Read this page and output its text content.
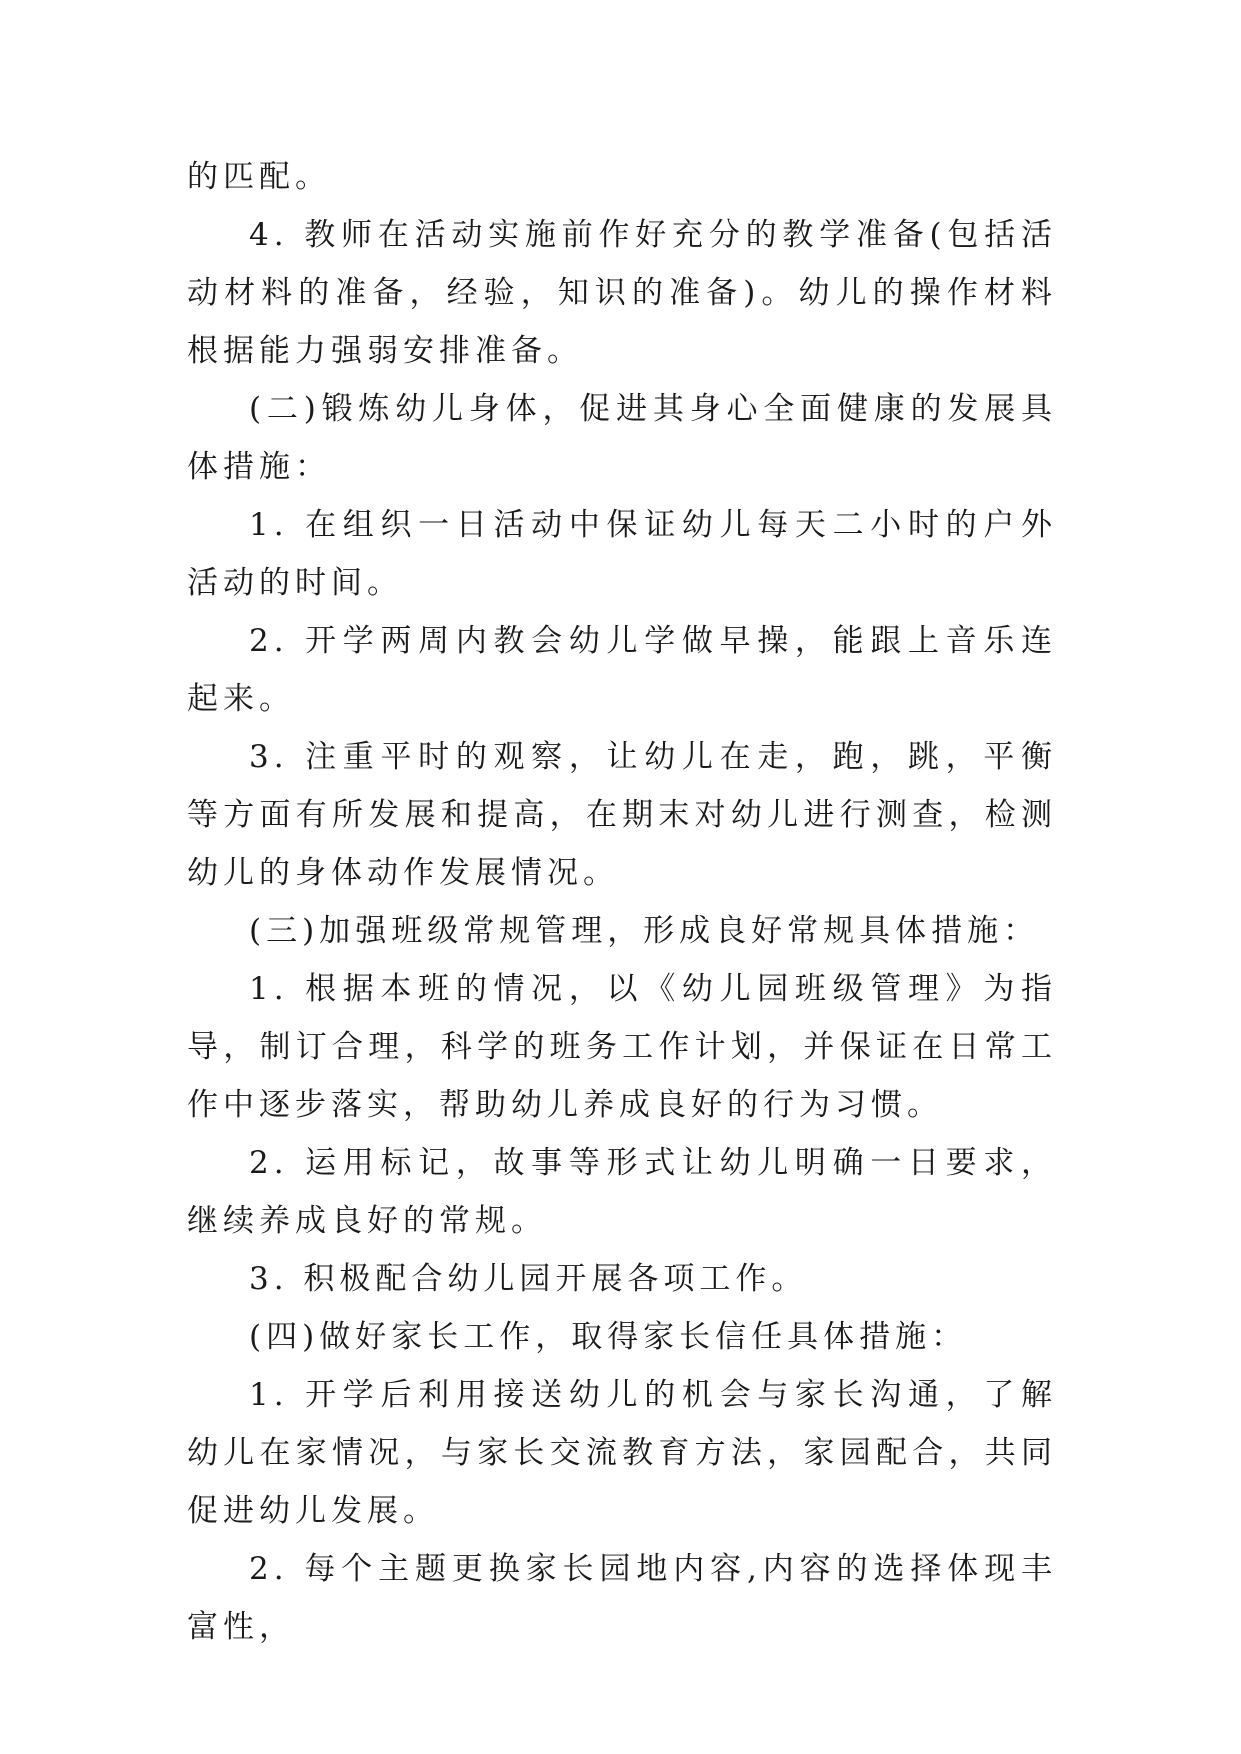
的匹配。

4. 教师在活动实施前作好充分的教学准备(包括活动材料的准备，经验，知识的准备)。幼儿的操作材料根据能力强弱安排准备。

(二)锻炼幼儿身体，促进其身心全面健康的发展具体措施：

1. 在组织一日活动中保证幼儿每天二小时的户外活动的时间。

2. 开学两周内教会幼儿学做早操，能跟上音乐连起来。

3. 注重平时的观察，让幼儿在走，跑，跳，平衡等方面有所发展和提高，在期末对幼儿进行测查，检测幼儿的身体动作发展情况。

(三)加强班级常规管理，形成良好常规具体措施：

1. 根据本班的情况，以《幼儿园班级管理》为指导，制订合理，科学的班务工作计划，并保证在日常工作中逐步落实，帮助幼儿养成良好的行为习惯。

2. 运用标记，故事等形式让幼儿明确一日要求，继续养成良好的常规。

3. 积极配合幼儿园开展各项工作。

(四)做好家长工作，取得家长信任具体措施：

1. 开学后利用接送幼儿的机会与家长沟通，了解幼儿在家情况，与家长交流教育方法，家园配合，共同促进幼儿发展。

2. 每个主题更换家长园地内容,内容的选择体现丰富性，
